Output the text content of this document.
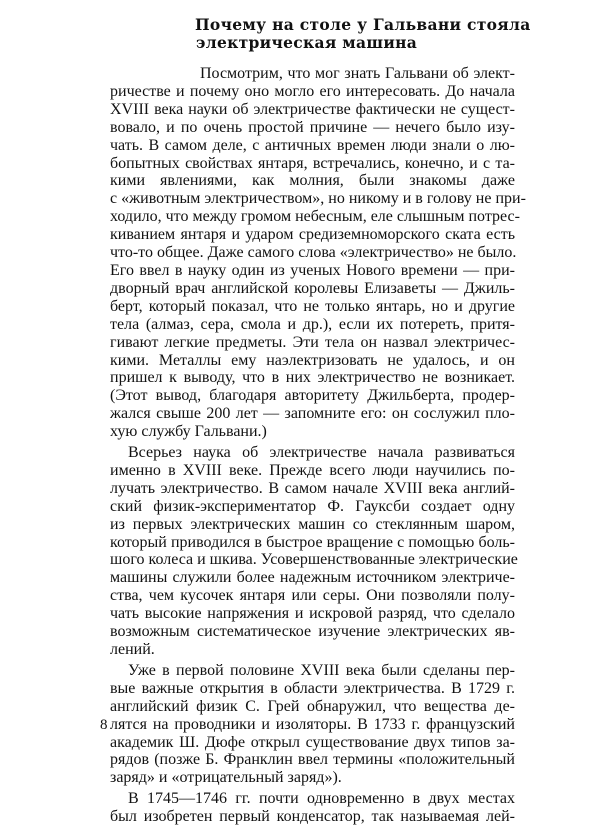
Почему на столе у Гальвани стояла
электрическая машина

Посмотрим, что мог знать Гальвани об элект-
ричестве и почему оно могло его интересовать. До начала
XVIII века науки об электричестве фактически не сущест-
вовало, и по очень простой причине — нечего было изу-
чать. В самом деле, с античных времен люди знали о лю-
бопытных свойствах янтаря, встречались, конечно, и с та-
кими явлениями, как молния, были знакомы даже
с «животным электричеством», но никому и в голову не при-
ходило, что между громом небесным, еле слышным потрес-
киванием янтаря и ударом средиземноморского ската есть
что-то общее. Даже самого слова «электричество» не было.
Его ввел в науку один из ученых Нового времени — при-
дворный врач английской королевы Елизаветы — Джиль-
берт, который показал, что не только янтарь, но и другие
тела (алмаз, сера, смола и др.), если их потереть, притя-
гивают легкие предметы. Эти тела он назвал электричес-
кими. Металлы ему наэлектризовать не удалось, и он
пришел к выводу, что в них электричество не возникает.
(Этот вывод, благодаря авторитету Джильберта, продер-
жался свыше 200 лет — запомните его: он сослужил пло-
хую службу Гальвани.)

Всерьез наука об электричестве начала развиваться
именно в XVIII веке. Прежде всего люди научились по-
лучать электричество. В самом начале XVIII века англий-
ский физик-экспериментатор Ф. Гауксби создает одну
из первых электрических машин со стеклянным шаром,
который приводился в быстрое вращение с помощью боль-
шого колеса и шкива. Усовершенствованные электрические
машины служили более надежным источником электриче-
ства, чем кусочек янтаря или серы. Они позволяли полу-
чать высокие напряжения и искровой разряд, что сделало
возможным систематическое изучение электрических яв-
лений.

Уже в первой половине XVIII века были сделаны пер-
вые важные открытия в области электричества. В 1729 г.
английский физик С. Грей обнаружил, что вещества де-
лятся на проводники и изоляторы. В 1733 г. французский
академик Ш. Дюфе открыл существование двух типов за-
рядов (позже Б. Франклин ввел термины «положительный
заряд» и «отрицательный заряд»).

В 1745—1746 гг. почти одновременно в двух местах
был изобретен первый конденсатор, так называемая лей-

8
